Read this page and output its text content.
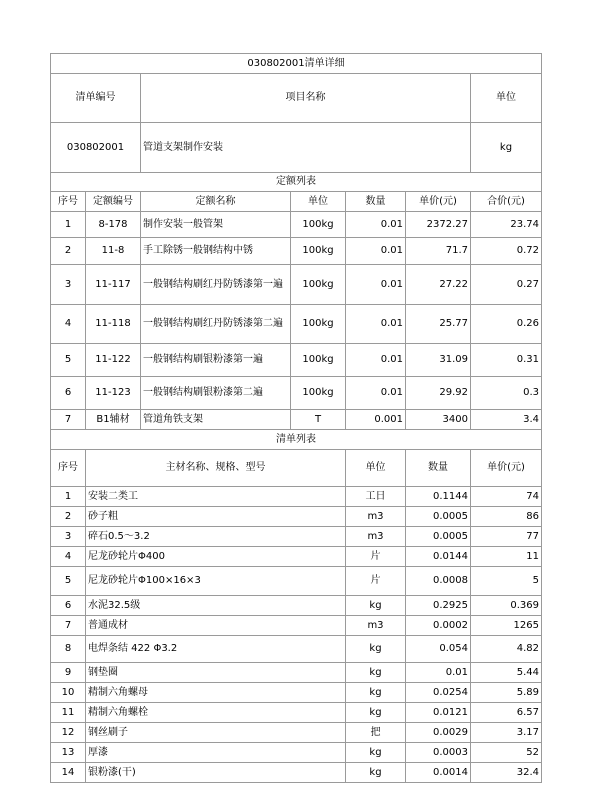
030802001清单详细							
清单编号		项目名称				单位	
030802001		管道支架制作安装				kg	
定额列表							
序号	定额编号	定额名称	单位	数量	单价(元)	合价(元)	
1	8-178	制作安装一般管架	100kg	0.01	2372.27	23.74	
2	11-8	手工除锈一般钢结构中锈	100kg	0.01	71.7	0.72	
3	11-117	一般钢结构刷红丹防锈漆第一遍	100kg	0.01	27.22	0.27	
4	11-118	一般钢结构刷红丹防锈漆第二遍	100kg	0.01	25.77	0.26	
5	11-122	一般钢结构刷银粉漆第一遍	100kg	0.01	31.09	0.31	
6	11-123	一般钢结构刷银粉漆第二遍	100kg	0.01	29.92	0.3	
7	B1辅材	管道角铁支架	T	0.001	3400	3.4	
清单列表							
序号	主材名称、规格、型号			单位	数量	单价(元)	
1	安装二类工			工日	0.1144	74	
2	砂子粗			m3	0.0005	86	
3	碎石0.5～3.2			m3	0.0005	77	
4	尼龙砂轮片Φ400			片	0.0144	11	
5	尼龙砂轮片Φ100×16×3			片	0.0008	5	
6	水泥32.5级			kg	0.2925	0.369	
7	普通成材			m3	0.0002	1265	
8	电焊条结 422 Φ3.2			kg	0.054	4.82	
9	钢垫圈			kg	0.01	5.44	
10	精制六角螺母			kg	0.0254	5.89	
11	精制六角螺栓			kg	0.0121	6.57	
12	钢丝刷子			把	0.0029	3.17	
13	厚漆			kg	0.0003	52	
14	银粉漆(干)			kg	0.0014	32.4	
